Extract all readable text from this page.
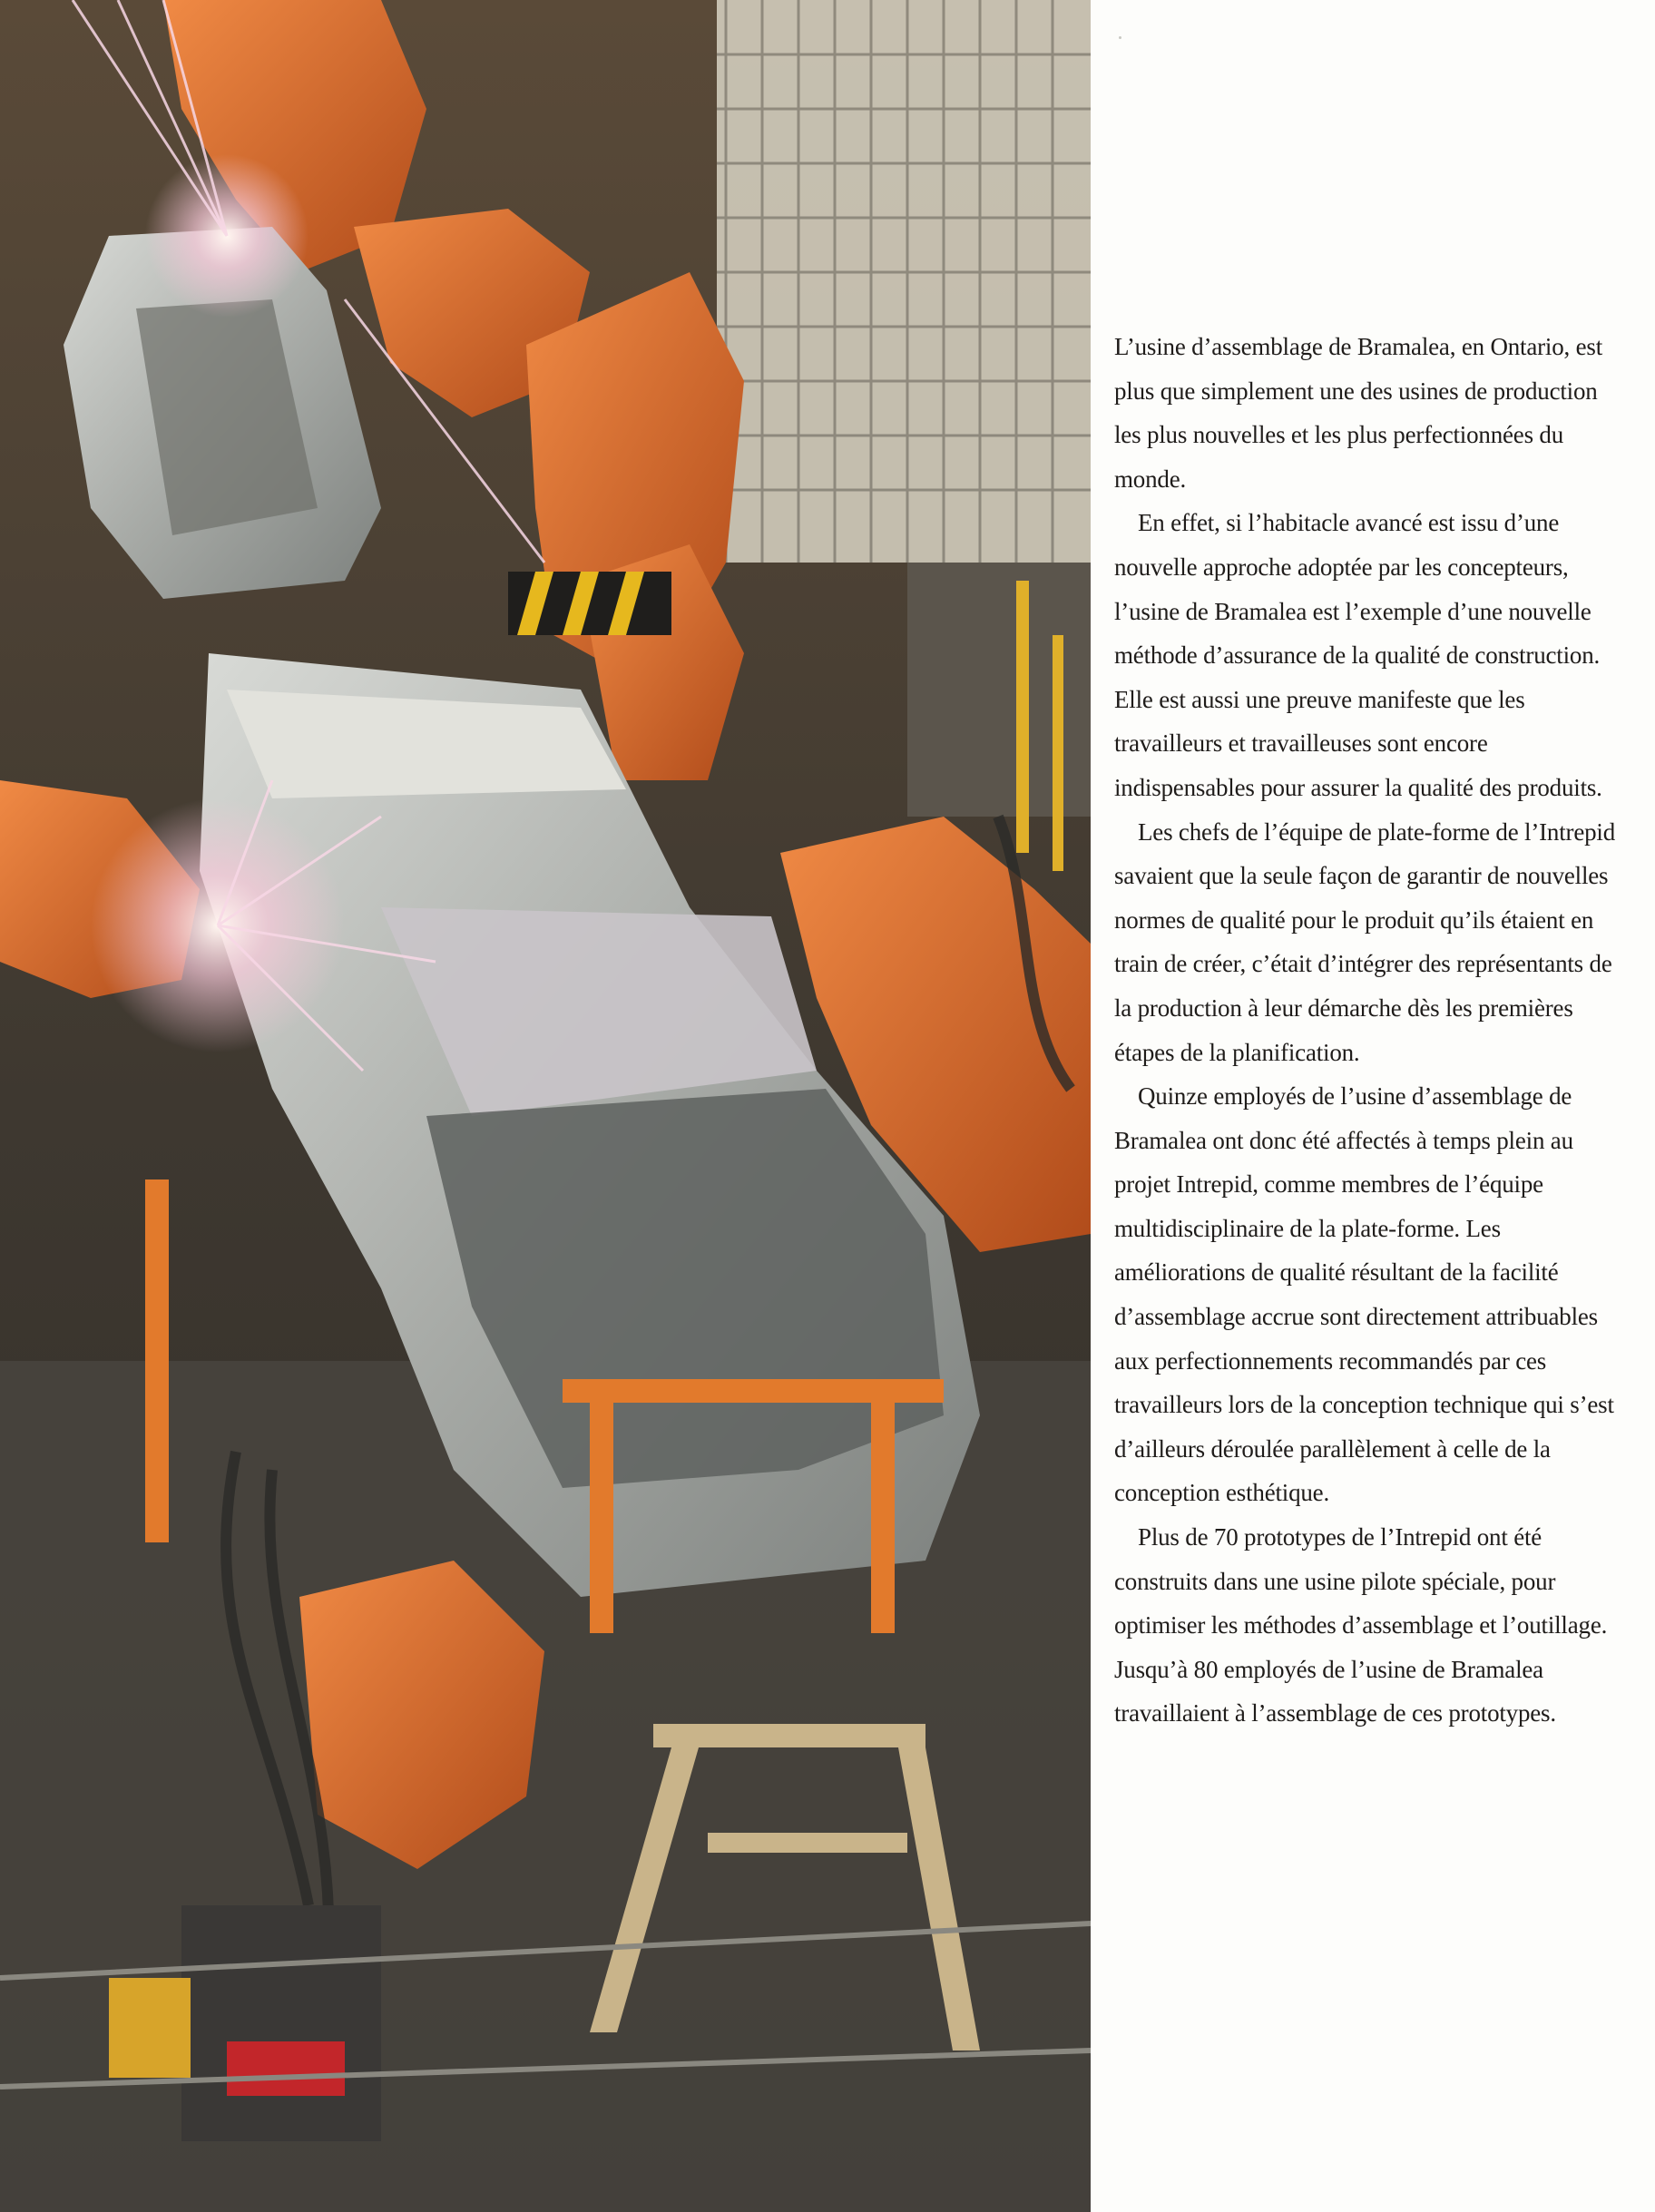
L’usine d’assemblage de Bramalea, en Ontario, est plus que simplement une des usines de production les plus nouvelles et les plus perfectionnées du monde.

En effet, si l’habitacle avancé est issu d’une nouvelle approche adoptée par les concepteurs, l’usine de Bramalea est l’exemple d’une nouvelle méthode d’assurance de la qualité de construction. Elle est aussi une preuve manifeste que les travailleurs et travailleuses sont encore indispensables pour assurer la qualité des produits.

Les chefs de l’équipe de plate-forme de l’Intrepid savaient que la seule façon de garantir de nouvelles normes de qualité pour le produit qu’ils étaient en train de créer, c’était d’intégrer des représentants de la production à leur démarche dès les premières étapes de la planification.

Quinze employés de l’usine d’assemblage de Bramalea ont donc été affectés à temps plein au projet Intrepid, comme membres de l’équipe multidisciplinaire de la plate-forme. Les améliorations de qualité résultant de la facilité d’assemblage accrue sont directement attribuables aux perfectionnements recommandés par ces travailleurs lors de la conception technique qui s’est d’ailleurs déroulée parallèlement à celle de la conception esthétique.

Plus de 70 prototypes de l’Intrepid ont été construits dans une usine pilote spéciale, pour optimiser les méthodes d’assemblage et l’outillage. Jusqu’à 80 employés de l’usine de Bramalea travaillaient à l’assemblage de ces prototypes.
